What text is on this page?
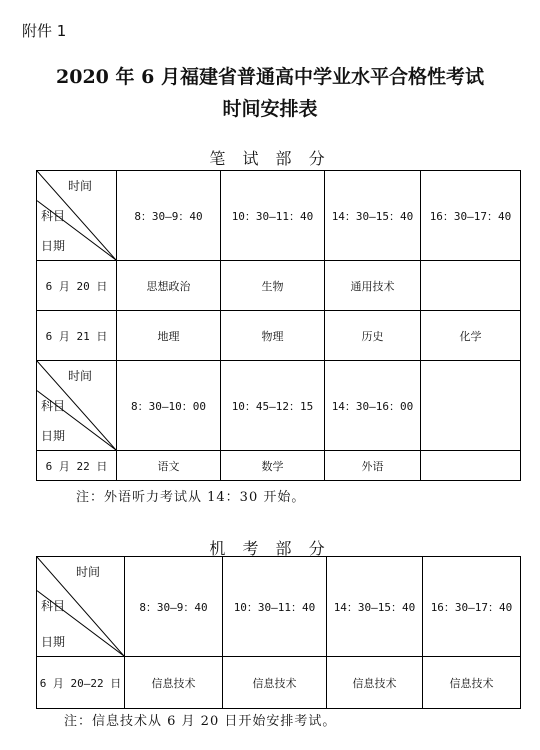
附件 1
2020 年 6 月福建省普通高中学业水平合格性考试
时间安排表
笔 试 部 分
时间
科目
日期	8：30–9：40	10：30–11：40	14：30–15：40	16：30–17：40
6 月 20 日	思想政治	生物	通用技术	
6 月 21 日	地理	物理	历史	化学

时间
科目
日期	8：30–10：00	10：45–12：15	14：30–16：00	
6 月 22 日	语文	数学	外语	
注：外语听力考试从 14：30 开始。
机 考 部 分
时间
科目
日期	8：30–9：40	10：30–11：40	14：30–15：40	16：30–17：40
6 月 20–22 日	信息技术	信息技术	信息技术	信息技术
注：信息技术从 6 月 20 日开始安排考试。
